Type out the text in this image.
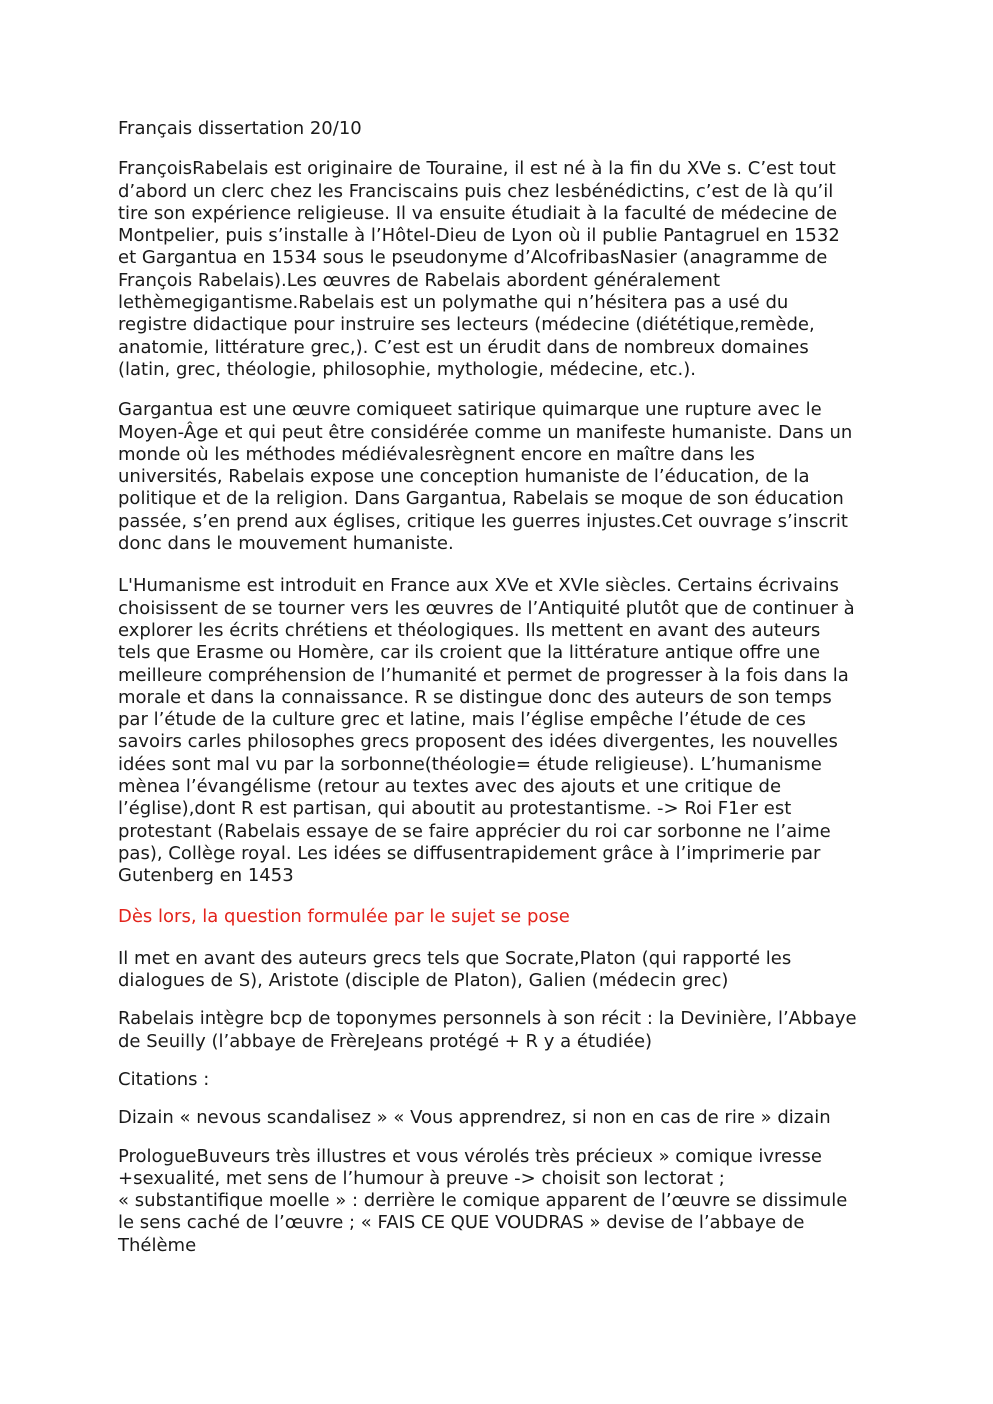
Français dissertation 20/10

FrançoisRabelais est originaire de Touraine, il est né à la fin du XVe s. C’est tout
d’abord un clerc chez les Franciscains puis chez lesbénédictins, c’est de là qu’il
tire son expérience religieuse. Il va ensuite étudiait à la faculté de médecine de
Montpelier, puis s’installe à l’Hôtel-Dieu de Lyon où il publie Pantagruel en 1532
et Gargantua en 1534 sous le pseudonyme d’AlcofribasNasier (anagramme de
François Rabelais).Les œuvres de Rabelais abordent généralement
lethèmegigantisme.Rabelais est un polymathe qui n’hésitera pas a usé du
registre didactique pour instruire ses lecteurs (médecine (diététique,remède,
anatomie, littérature grec,). C’est est un érudit dans de nombreux domaines
(latin, grec, théologie, philosophie, mythologie, médecine, etc.).

Gargantua est une œuvre comiqueet satirique quimarque une rupture avec le
Moyen-Âge et qui peut être considérée comme un manifeste humaniste. Dans un
monde où les méthodes médiévalesrègnent encore en maître dans les
universités, Rabelais expose une conception humaniste de l’éducation, de la
politique et de la religion. Dans Gargantua, Rabelais se moque de son éducation
passée, s’en prend aux églises, critique les guerres injustes.Cet ouvrage s’inscrit
donc dans le mouvement humaniste.

L'Humanisme est introduit en France aux XVe et XVIe siècles. Certains écrivains
choisissent de se tourner vers les œuvres de l’Antiquité plutôt que de continuer à
explorer les écrits chrétiens et théologiques. Ils mettent en avant des auteurs
tels que Erasme ou Homère, car ils croient que la littérature antique offre une
meilleure compréhension de l’humanité et permet de progresser à la fois dans la
morale et dans la connaissance. R se distingue donc des auteurs de son temps
par l’étude de la culture grec et latine, mais l’église empêche l’étude de ces
savoirs carles philosophes grecs proposent des idées divergentes, les nouvelles
idées sont mal vu par la sorbonne(théologie= étude religieuse). L’humanisme
mènea l’évangélisme (retour au textes avec des ajouts et une critique de
l’église),dont R est partisan, qui aboutit au protestantisme. -> Roi F1er est
protestant (Rabelais essaye de se faire apprécier du roi car sorbonne ne l’aime
pas), Collège royal. Les idées se diffusentrapidement grâce à l’imprimerie par
Gutenberg en 1453

Dès lors, la question formulée par le sujet se pose

Il met en avant des auteurs grecs tels que Socrate,Platon (qui rapporté les
dialogues de S), Aristote (disciple de Platon), Galien (médecin grec)

Rabelais intègre bcp de toponymes personnels à son récit : la Devinière, l’Abbaye
de Seuilly (l’abbaye de FrèreJeans protégé + R y a étudiée)

Citations :

Dizain « nevous scandalisez » « Vous apprendrez, si non en cas de rire » dizain

PrologueBuveurs très illustres et vous vérolés très précieux » comique ivresse
+sexualité, met sens de l’humour à preuve -> choisit son lectorat ;
« substantifique moelle » : derrière le comique apparent de l’œuvre se dissimule
le sens caché de l’œuvre ; « FAIS CE QUE VOUDRAS » devise de l’abbaye de
Thélème
